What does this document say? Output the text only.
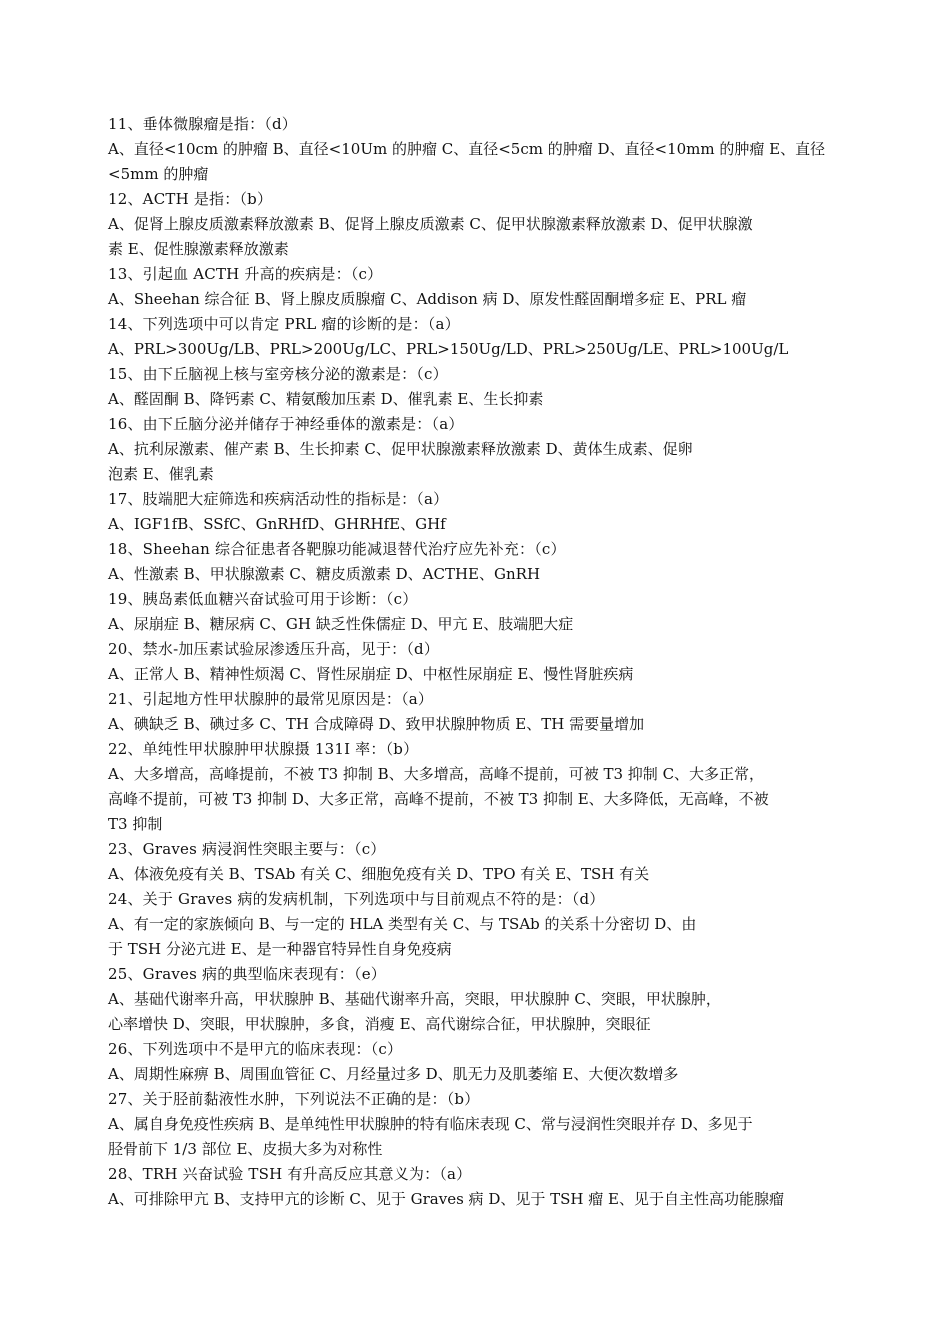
11、垂体微腺瘤是指：（d）
A、直径<10cm 的肿瘤 B、直径<10Um 的肿瘤 C、直径<5cm 的肿瘤 D、直径<10mm 的肿瘤 E、直径
<5mm 的肿瘤
12、ACTH 是指：（b）
A、促肾上腺皮质激素释放激素 B、促肾上腺皮质激素 C、促甲状腺激素释放激素 D、促甲状腺激
素 E、促性腺激素释放激素
13、引起血 ACTH 升高的疾病是：（c）
A、Sheehan 综合征 B、肾上腺皮质腺瘤 C、Addison 病 D、原发性醛固酮增多症 E、PRL 瘤
14、下列选项中可以肯定 PRL 瘤的诊断的是：（a）
A、PRL>300Ug/LB、PRL>200Ug/LC、PRL>150Ug/LD、PRL>250Ug/LE、PRL>100Ug/L
15、由下丘脑视上核与室旁核分泌的激素是：（c）
A、醛固酮 B、降钙素 C、精氨酸加压素 D、催乳素 E、生长抑素
16、由下丘脑分泌并储存于神经垂体的激素是：（a）
A、抗利尿激素、催产素 B、生长抑素 C、促甲状腺激素释放激素 D、黄体生成素、促卵
泡素 E、催乳素
17、肢端肥大症筛选和疾病活动性的指标是：（a）
A、IGF1fB、SSfC、GnRHfD、GHRHfE、GHf
18、Sheehan 综合征患者各靶腺功能减退替代治疗应先补充：（c）
A、性激素 B、甲状腺激素 C、糖皮质激素 D、ACTHE、GnRH
19、胰岛素低血糖兴奋试验可用于诊断：（c）
A、尿崩症 B、糖尿病 C、GH 缺乏性侏儒症 D、甲亢 E、肢端肥大症
20、禁水-加压素试验尿渗透压升高，见于：（d）
A、正常人 B、精神性烦渴 C、肾性尿崩症 D、中枢性尿崩症 E、慢性肾脏疾病
21、引起地方性甲状腺肿的最常见原因是：（a）
A、碘缺乏 B、碘过多 C、TH 合成障碍 D、致甲状腺肿物质 E、TH 需要量增加
22、单纯性甲状腺肿甲状腺摄 131I 率：（b）
A、大多增高，高峰提前，不被 T3 抑制 B、大多增高，高峰不提前，可被 T3 抑制 C、大多正常，
高峰不提前，可被 T3 抑制 D、大多正常，高峰不提前，不被 T3 抑制 E、大多降低，无高峰，不被
T3 抑制
23、Graves 病浸润性突眼主要与：（c）
A、体液免疫有关 B、TSAb 有关 C、细胞免疫有关 D、TPO 有关 E、TSH 有关
24、关于 Graves 病的发病机制，下列选项中与目前观点不符的是：（d）
A、有一定的家族倾向 B、与一定的 HLA 类型有关 C、与 TSAb 的关系十分密切 D、由
于 TSH 分泌亢进 E、是一种器官特异性自身免疫病
25、Graves 病的典型临床表现有：（e）
A、基础代谢率升高，甲状腺肿 B、基础代谢率升高，突眼，甲状腺肿 C、突眼，甲状腺肿，
心率增快 D、突眼，甲状腺肿，多食，消瘦 E、高代谢综合征，甲状腺肿，突眼征
26、下列选项中不是甲亢的临床表现：（c）
A、周期性麻痹 B、周围血管征 C、月经量过多 D、肌无力及肌萎缩 E、大便次数增多
27、关于胫前黏液性水肿，下列说法不正确的是：（b）
A、属自身免疫性疾病 B、是单纯性甲状腺肿的特有临床表现 C、常与浸润性突眼并存 D、多见于
胫骨前下 1/3 部位 E、皮损大多为对称性
28、TRH 兴奋试验 TSH 有升高反应其意义为：（a）
A、可排除甲亢 B、支持甲亢的诊断 C、见于 Graves 病 D、见于 TSH 瘤 E、见于自主性高功能腺瘤
